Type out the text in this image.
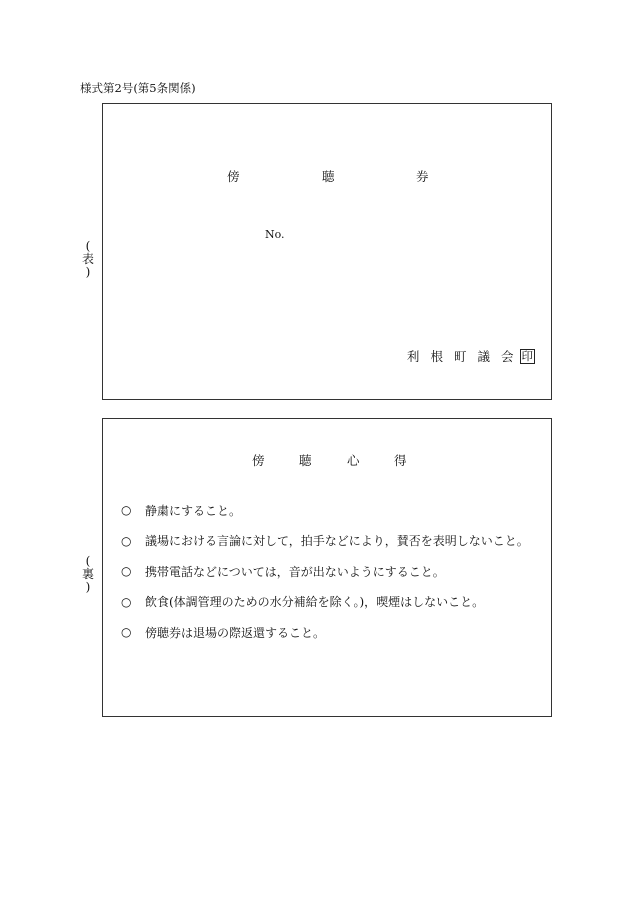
様式第2号(第5条関係)
(
表
)
傍	聴	券
No.
利 根 町 議 会 印
(
裏
)
傍	聴	心	得
○	静粛にすること。
○	議場における言論に対して，拍手などにより，賛否を表明しないこと。
○	携帯電話などについては，音が出ないようにすること。
○	飲食(体調管理のための水分補給を除く。)，喫煙はしないこと。
○	傍聴券は退場の際返還すること。
